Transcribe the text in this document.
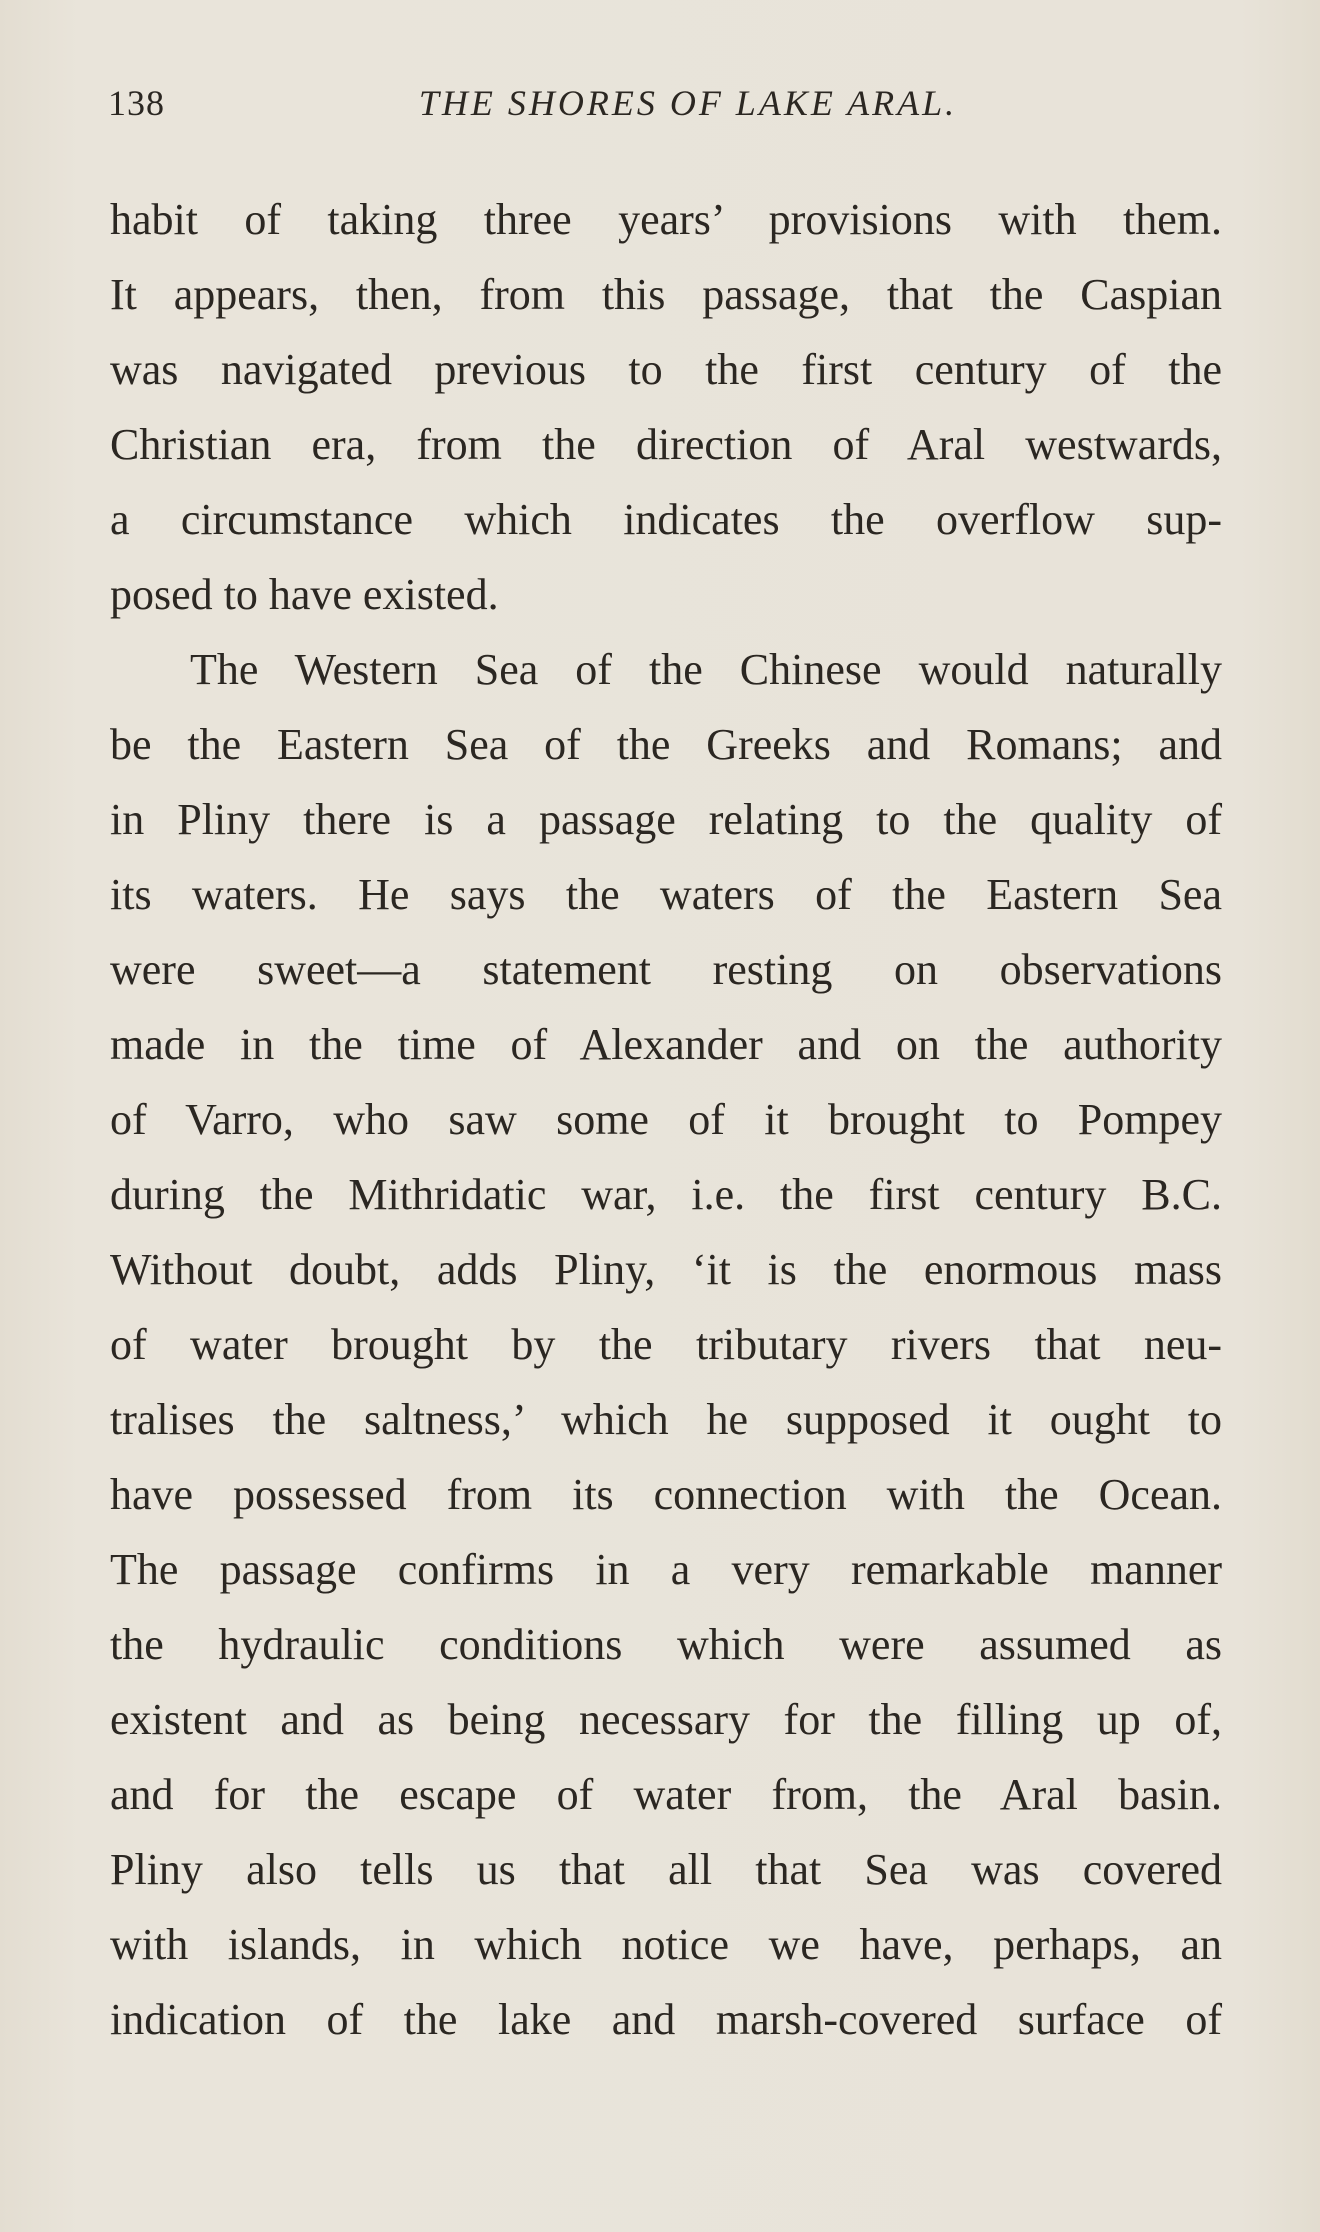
138	THE SHORES OF LAKE ARAL.
habit of taking three years’ provisions with them.
It appears, then, from this passage, that the Caspian
was navigated previous to the first century of the
Christian era, from the direction of Aral westwards,
a circumstance which indicates the overflow sup-
posed to have existed.
The Western Sea of the Chinese would naturally
be the Eastern Sea of the Greeks and Romans; and
in Pliny there is a passage relating to the quality of
its waters. He says the waters of the Eastern Sea
were sweet—a statement resting on observations
made in the time of Alexander and on the authority
of Varro, who saw some of it brought to Pompey
during the Mithridatic war, i.e. the first century B.C.
Without doubt, adds Pliny, ‘it is the enormous mass
of water brought by the tributary rivers that neu-
tralises the saltness,’ which he supposed it ought to
have possessed from its connection with the Ocean.
The passage confirms in a very remarkable manner
the hydraulic conditions which were assumed as
existent and as being necessary for the filling up of,
and for the escape of water from, the Aral basin.
Pliny also tells us that all that Sea was covered
with islands, in which notice we have, perhaps, an
indication of the lake and marsh-covered surface of
